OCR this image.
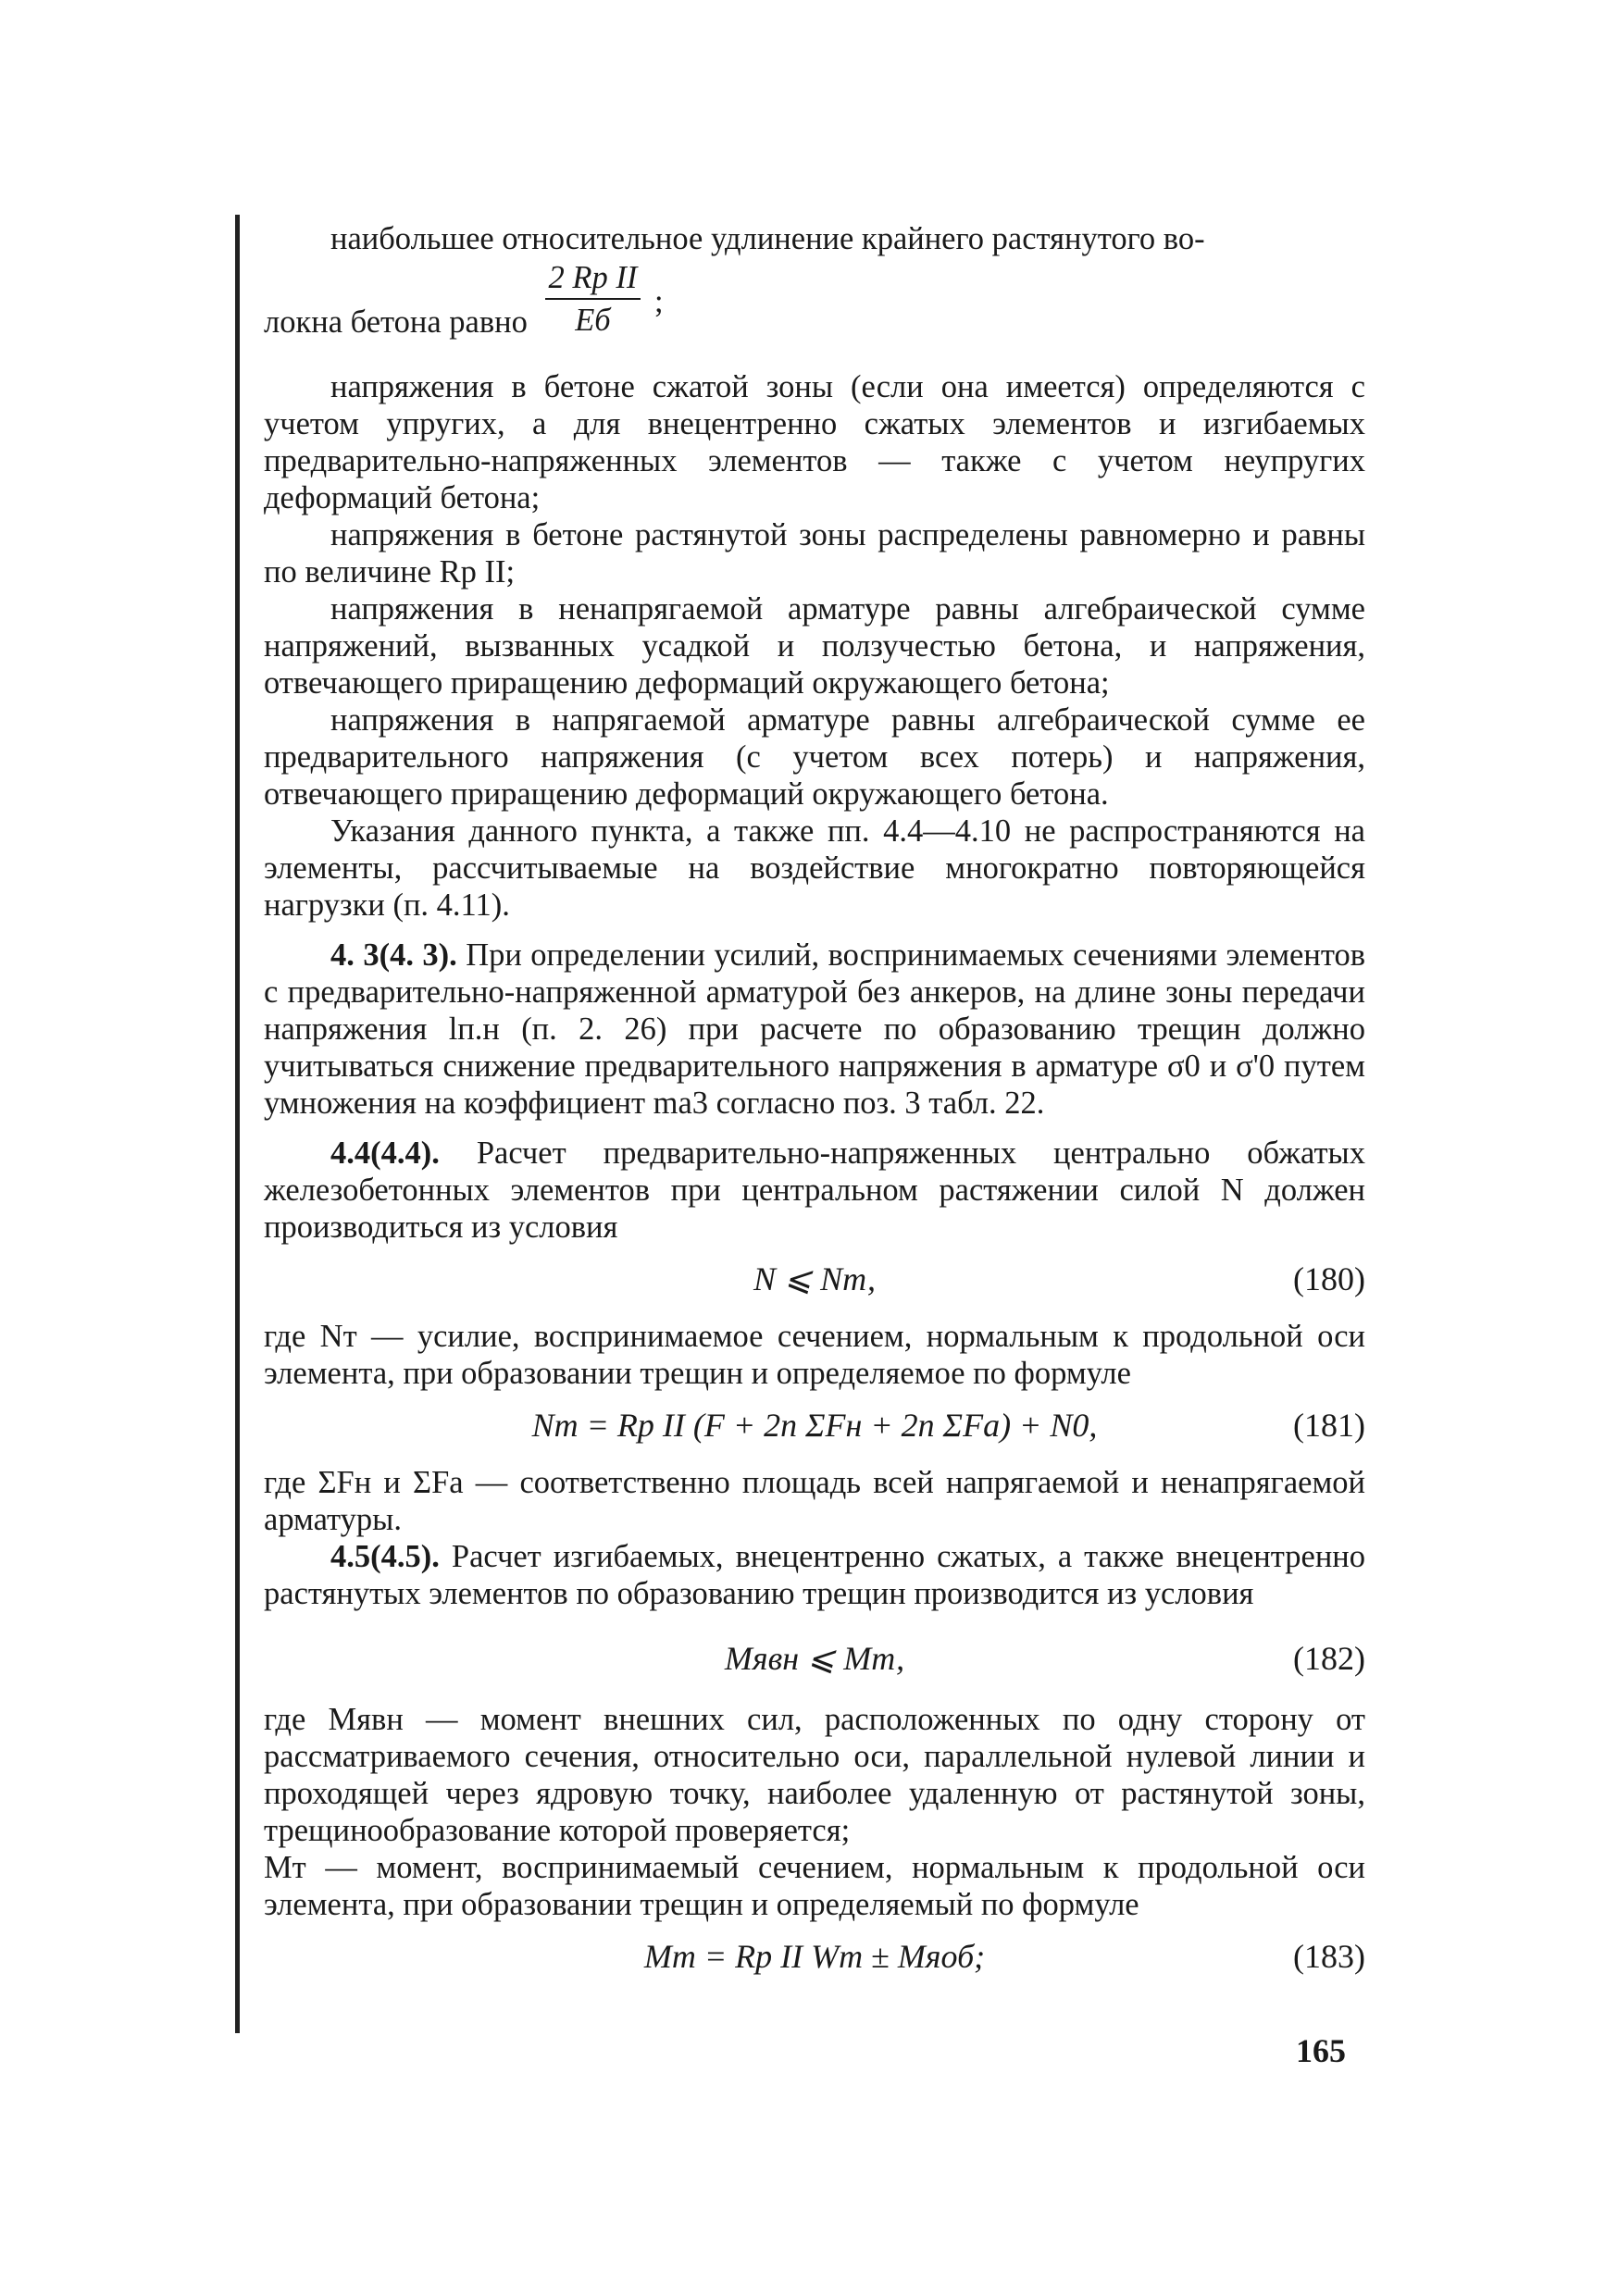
наибольшее относительное удлинение крайнего растянутого во-

локна бетона равно $\frac{\text{2 Rp II}}{Eб}$ ;

напряжения в бетоне сжатой зоны (если она имеется) определяются с учетом упругих, а для внецентренно сжатых элементов и изгибаемых предварительно-напряженных элементов — также с учетом неупругих деформаций бетона;

напряжения в бетоне растянутой зоны распределены равномерно и равны по величине Rp II;

напряжения в ненапрягаемой арматуре равны алгебраической сумме напряжений, вызванных усадкой и ползучестью бетона, и напряжения, отвечающего приращению деформаций окружающего бетона;

напряжения в напрягаемой арматуре равны алгебраической сумме ее предварительного напряжения (с учетом всех потерь) и напряжения, отвечающего приращению деформаций окружающего бетона.

Указания данного пункта, а также пп. 4.4—4.10 не распространяются на элементы, рассчитываемые на воздействие многократно повторяющейся нагрузки (п. 4.11).

4. 3(4. 3). При определении усилий, воспринимаемых сечениями элементов с предварительно-напряженной арматурой без анкеров, на длине зоны передачи напряжения lп.н (п. 2. 26) при расчете по образованию трещин должно учитываться снижение предварительного напряжения в арматуре σ0 и σ'0 путем умножения на коэффициент mа3 согласно поз. 3 табл. 22.

4.4(4.4). Расчет предварительно-напряженных центрально обжатых железобетонных элементов при центральном растяжении силой N должен производиться из условия

N ⩽ Nт,	(180)

где Nт — усилие, воспринимаемое сечением, нормальным к продольной оси элемента, при образовании трещин и определяемое по формуле

Nт = Rp II (F + 2n ΣFн + 2n ΣFа) + N0,	(181)

где ΣFн и ΣFа — соответственно площадь всей напрягаемой и ненапрягаемой арматуры.

4.5(4.5). Расчет изгибаемых, внецентренно сжатых, а также внецентренно растянутых элементов по образованию трещин производится из условия

Mявн ⩽ Mт,	(182)

где Mявн — момент внешних сил, расположенных по одну сторону от рассматриваемого сечения, относительно оси, параллельной нулевой линии и проходящей через ядровую точку, наиболее удаленную от растянутой зоны, трещинообразование которой проверяется;

Mт — момент, воспринимаемый сечением, нормальным к продольной оси элемента, при образовании трещин и определяемый по формуле

Mт = Rp II Wт ± Mяоб;	(183)
165
